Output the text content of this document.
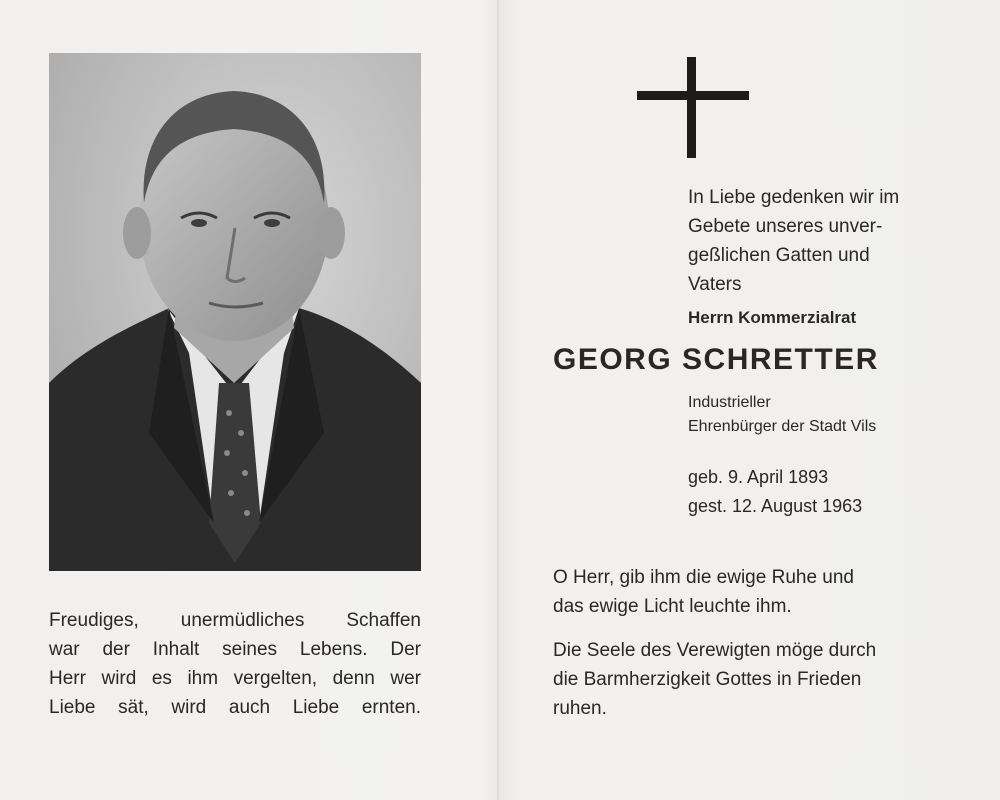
Freudiges, unermüdliches Schaffen

war der Inhalt seines Lebens. Der

Herr wird es ihm vergelten, denn wer

Liebe sät, wird auch Liebe ernten.

In Liebe gedenken wir im

Gebete unseres unver-

geßlichen Gatten und

Vaters

Herrn Kommerzialrat
GEORG SCHRETTER
Industrieller
Ehrenbürger der Stadt Vils
geb. 9. April 1893
gest. 12. August 1963
O Herr, gib ihm die ewige Ruhe und
das ewige Licht leuchte ihm.
Die Seele des Verewigten möge durch
die Barmherzigkeit Gottes in Frieden
ruhen.
